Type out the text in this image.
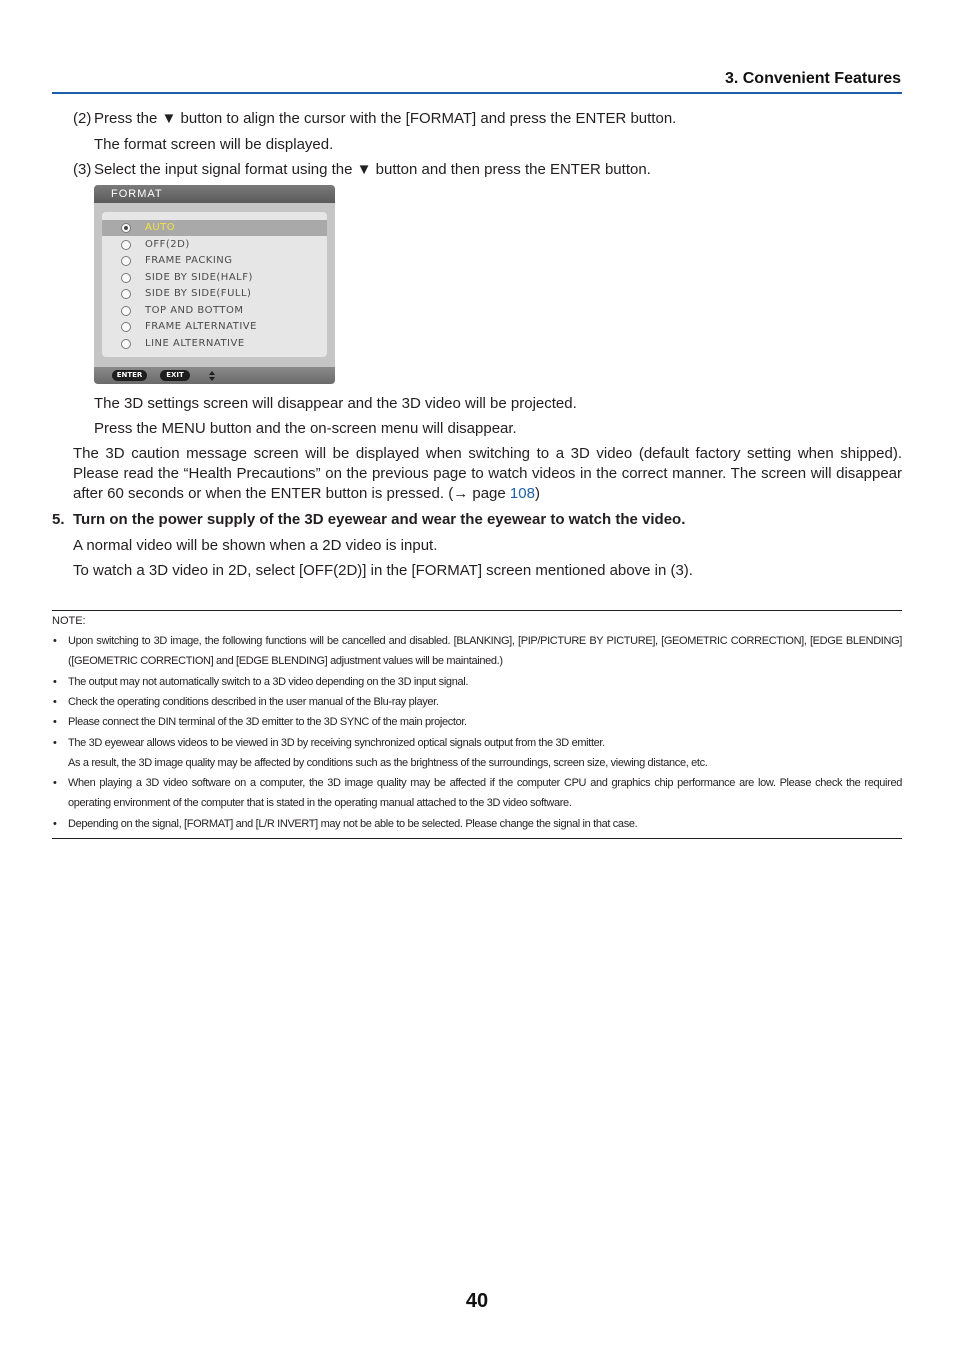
3. Convenient Features
(2) Press the ▼ button to align the cursor with the [FORMAT] and press the ENTER button.
The format screen will be displayed.
(3) Select the input signal format using the ▼ button and then press the ENTER button.
FORMAT
AUTO
OFF(2D)
FRAME PACKING
SIDE BY SIDE(HALF)
SIDE BY SIDE(FULL)
TOP AND BOTTOM
FRAME ALTERNATIVE
LINE ALTERNATIVE
ENTER	EXIT
The 3D settings screen will disappear and the 3D video will be projected.
Press the MENU button and the on-screen menu will disappear.
The 3D caution message screen will be displayed when switching to a 3D video (default factory setting when shipped). Please read the “Health Precautions” on the previous page to watch videos in the correct manner. The screen will disappear after 60 seconds or when the ENTER button is pressed. (→ page 108)
5. Turn on the power supply of the 3D eyewear and wear the eyewear to watch the video.
A normal video will be shown when a 2D video is input.
To watch a 3D video in 2D, select [OFF(2D)] in the [FORMAT] screen mentioned above in (3).
NOTE:
• Upon switching to 3D image, the following functions will be cancelled and disabled. [BLANKING], [PIP/PICTURE BY PICTURE], [GEOMETRIC CORRECTION], [EDGE BLENDING] ([GEOMETRIC CORRECTION] and [EDGE BLENDING] adjustment values will be maintained.)
• The output may not automatically switch to a 3D video depending on the 3D input signal.
• Check the operating conditions described in the user manual of the Blu-ray player.
• Please connect the DIN terminal of the 3D emitter to the 3D SYNC of the main projector.
• The 3D eyewear allows videos to be viewed in 3D by receiving synchronized optical signals output from the 3D emitter.
As a result, the 3D image quality may be affected by conditions such as the brightness of the surroundings, screen size, viewing distance, etc.
• When playing a 3D video software on a computer, the 3D image quality may be affected if the computer CPU and graphics chip performance are low. Please check the required operating environment of the computer that is stated in the operating manual attached to the 3D video software.
• Depending on the signal, [FORMAT] and [L/R INVERT] may not be able to be selected. Please change the signal in that case.
40
